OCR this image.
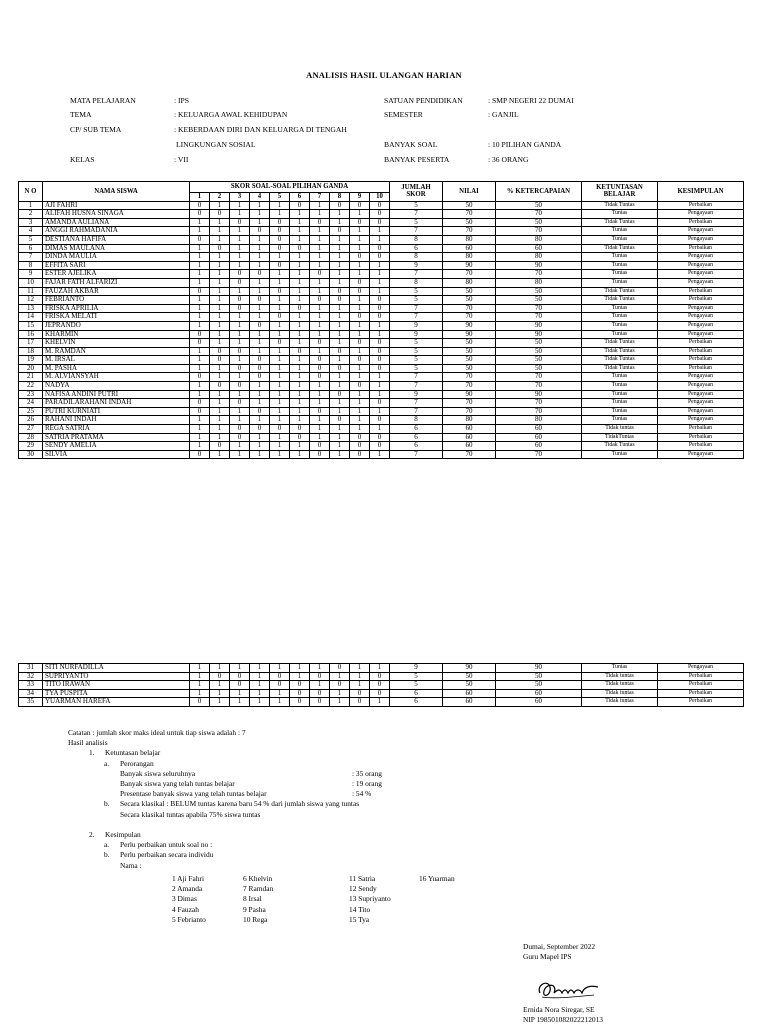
ANALISIS HASIL ULANGAN HARIAN
MATA PELAJARAN	: IPS
TEMA	: KELUARGA AWAL KEHIDUPAN
CP/ SUB TEMA	: KEBERDAAN DIRI DAN KELUARGA DI TENGAH
LINGKUNGAN SOSIAL
KELAS	: VII
SATUAN PENDIDIKAN	: SMP NEGERI 22 DUMAI
SEMESTER	: GANJIL
BANYAK SOAL	: 10 PILIHAN GANDA
BANYAK PESERTA	: 36 ORANG
N O	NAMA SISWA	SKOR SOAL-SOAL PILIHAN GANDA										JUMLAH SKOR	NILAI	% KETERCAPAIAN	KETUNTASAN BELAJAR	KESIMPULAN
		1	2	3	4	5	6	7	8	9	10					
1	AJI FAHRI	0	1	1	1	1	0	1	0	0	0	5	50	50	Tidak Tuntas	Perbaikan
2	ALIFAH HUSNA SINAGA	0	0	1	1	1	1	1	1	1	0	7	70	70	Tuntas	Pengayaan
3	AMANDA AULIANA	1	1	0	1	0	1	0	1	0	0	5	50	50	Tidak Tuntas	Perbaikan
4	ANGGI RAHMADANIA	1	1	1	0	0	1	1	0	1	1	7	70	70	Tuntas	Pengayaan
5	DESTIANA HAFIFA	0	1	1	1	0	1	1	1	1	1	8	80	80	Tuntas	Pengayaan
6	DIMAS MAULANA	1	0	1	1	0	0	1	1	1	0	6	60	60	Tidak Tuntas	Perbaikan
7	DINDA MAULIA	1	1	1	1	1	1	1	1	0	0	8	80	80	Tuntas	Pengayaan
8	EFFITA SARI	1	1	1	1	0	1	1	1	1	1	9	90	90	Tuntas	Pengayaan
9	ESTER AJELIKA	1	1	0	0	1	1	0	1	1	1	7	70	70	Tuntas	Pengayaan
10	FAJAR FATH ALFARIZI	1	1	0	1	1	1	1	1	0	1	8	80	80	Tuntas	Pengayaan
11	FAUZAH AKBAR	0	1	1	1	0	1	1	0	0	1	5	50	50	Tidak Tuntas	Perbaikan
12	FEBRIANTO	1	1	0	0	1	1	0	0	1	0	5	50	50	Tidak Tuntas	Perbaikan
13	FRISKA APRILIA	1	1	0	1	1	0	1	1	1	0	7	70	70	Tuntas	Pengayaan
14	FRISKA MELATI	1	1	1	1	0	1	1	1	0	0	7	70	70	Tuntas	Pengayaan
15	JEPRANDO	1	1	1	0	1	1	1	1	1	1	9	90	90	Tuntas	Pengayaan
16	KHARMIN	0	1	1	1	1	1	1	1	1	1	9	90	90	Tuntas	Pengayaan
17	KHELVIN	0	1	1	1	0	1	0	1	0	0	5	50	50	Tidak Tuntas	Perbaikan
18	M. RAMDAN	1	0	0	1	1	0	1	0	1	0	5	50	50	Tidak Tuntas	Perbaikan
19	M. IRSAL	1	0	1	0	1	1	0	1	0	0	5	50	50	Tidak Tuntas	Perbaikan
20	M. PASHA	1	1	0	0	1	1	0	0	1	0	5	50	50	Tidak Tuntas	Perbaikan
21	M. ALVIANSYAH	0	1	1	0	1	1	0	1	1	1	7	70	70	Tuntas	Pengayaan
22	NADYA	1	0	0	1	1	1	1	1	0	1	7	70	70	Tuntas	Pengayaan
23	NAFISA ANDINI PUTRI	1	1	1	1	1	1	1	0	1	1	9	90	90	Tuntas	Pengayaan
24	PARADILARAHANI INDAH	0	1	0	1	1	1	1	1	1	0	7	70	70	Tuntas	Pengayaan
25	PUTRI KURNIATI	0	1	1	0	1	1	0	1	1	1	7	70	70	Tuntas	Pengayaan
26	RAHANI INDAH	1	1	1	1	1	1	1	0	1	0	8	80	80	Tuntas	Pengayaan
27	REGA SATRIA	1	1	0	0	0	0	1	1	1	1	6	60	60	Tidak tuntas	Perbaikan
28	SATRIA PRATAMA	1	1	0	1	1	0	1	1	0	0	6	60	60	TidakTuntas	Perbaikan
29	SENDY AMELIA	1	0	1	1	1	1	0	1	0	0	6	60	60	Tidak Tuntas	Perbaikan
30	SILVIA	0	1	1	1	1	1	0	1	0	1	7	70	70	Tuntas	Pengayaan
31	SITI NURFADILLA	1	1	1	1	1	1	1	0	1	1	9	90	90	Tuntas	Pengayaan
32	SUPRIYANTO	1	0	0	1	0	1	0	1	1	0	5	50	50	Tidak tuntas	Perbaikan
33	TITO IRAWAN	1	1	0	1	0	0	1	0	1	0	5	50	50	Tidak tuntas	Perbaikan
34	TYA PUSPITA	1	1	1	1	1	0	0	1	0	0	6	60	60	Tidak tuntas	Perbaikan
35	YUARMAN HAREFA	0	1	1	1	1	0	0	1	0	1	6	60	60	Tidak tuntas	Perbaikan
Catatan : jumlah skor maks ideal untuk tiap siswa adalah : 7
Hasil analisis
1. Ketuntasan belajar
a. Perorangan
Banyak siswa seluruhnya	: 35 orang
Banyak siswa yang telah tuntas belajar	: 19 orang
Presentase banyak siswa yang telah tuntas belajar	: 54 %
b. Secara klasikal : BELUM tuntas karena baru 54 % dari jumlah siswa yang tuntas
Secara klasikal tuntas apabila 75% siswa tuntas

2. Kesimpulan
a. Perlu perbaikan untuk soal no :
b. Perlu perbaikan secara individu
Nama :
1 Aji Fahri
2 Amanda
3 Dimas
4 Fauzah
5 Febrianto
6 Khelvin
7 Ramdan
8 Irsal
9 Pasha
10 Rega
11 Satria
12 Sendy
13 Supriyanto
14 Tito
15 Tya
16 Yuarman
Dumai, September 2022
Guru Mapel IPS
Ernida Nora Siregar, SE
NIP 198501082022212013
